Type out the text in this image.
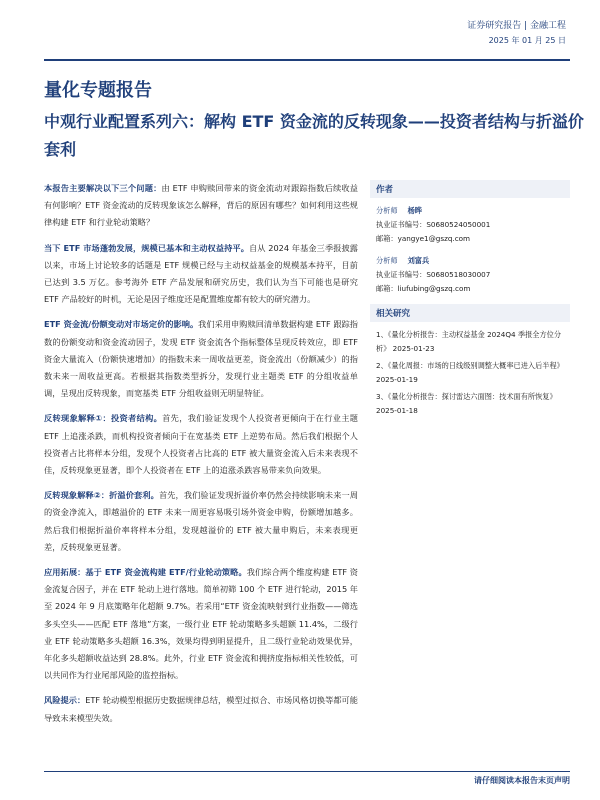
证券研究报告 | 金融工程
2025 年 01 月 25 日
量化专题报告
中观行业配置系列六：解构 ETF 资金流的反转现象——投资者结构与折溢价套利

本报告主要解决以下三个问题：由 ETF 申购赎回带来的资金流动对跟踪指数后续收益有何影响？ETF 资金流动的反转现象该怎么解释，背后的原因有哪些？如何利用这些规律构建 ETF 和行业轮动策略？

当下 ETF 市场蓬勃发展，规模已基本和主动权益持平。自从 2024 年基金三季报披露以来，市场上讨论较多的话题是 ETF 规模已经与主动权益基金的规模基本持平，目前已达到 3.5 万亿。参考海外 ETF 产品发展和研究历史，我们认为当下可能也是研究 ETF 产品较好的时机，无论是因子维度还是配置维度都有较大的研究潜力。

ETF 资金流/份额变动对市场定价的影响。我们采用申购赎回清单数据构建 ETF 跟踪指数的份额变动和资金流动因子，发现 ETF 资金流各个指标整体呈现反转效应，即 ETF 资金大量流入（份额快速增加）的指数未来一周收益更差，资金流出（份额减少）的指数未来一周收益更高。若根据其指数类型拆分，发现行业主题类 ETF 的分组收益单调，呈现出反转现象，而宽基类 ETF 分组收益则无明显特征。

反转现象解释①：投资者结构。首先，我们验证发现个人投资者更倾向于在行业主题 ETF 上追涨杀跌，而机构投资者倾向于在宽基类 ETF 上逆势布局。然后我们根据个人投资者占比将样本分组，发现个人投资者占比高的 ETF 被大量资金流入后未来表现不佳，反转现象更显著，即个人投资者在 ETF 上的追涨杀跌容易带来负向效果。

反转现象解释②：折溢价套利。首先，我们验证发现折溢价率仍然会持续影响未来一周的资金净流入，即越溢价的 ETF 未来一周更容易吸引场外资金申购，份额增加越多。然后我们根据折溢价率将样本分组，发现越溢价的 ETF 被大量申购后，未来表现更差，反转现象更显著。

应用拓展：基于 ETF 资金流构建 ETF/行业轮动策略。我们综合两个维度构建 ETF 资金流复合因子，并在 ETF 轮动上进行落地。简单初筛 100 个 ETF 进行轮动，2015 年至 2024 年 9 月底策略年化超额 9.7%。若采用“ETF 资金流映射到行业指数——筛选多头空头——匹配 ETF 落地”方案，一级行业 ETF 轮动策略多头超额 11.4%，二级行业 ETF 轮动策略多头超额 16.3%，效果均得到明显提升，且二级行业轮动效果优异，年化多头超额收益达到 28.8%。此外，行业 ETF 资金流和拥挤度指标相关性较低，可以共同作为行业尾部风险的监控指标。

风险提示：ETF 轮动模型根据历史数据规律总结，模型过拟合、市场风格切换等都可能导致未来模型失效。

作者
分析师 杨晔
执业证书编号：S0680524050001
邮箱：yangye1@gszq.com
分析师 刘富兵
执业证书编号：S0680518030007
邮箱：liufubing@gszq.com
相关研究
1、《量化分析报告：主动权益基金 2024Q4 季报全方位分析》 2025-01-23
2、《量化周报：市场的日线级别调整大概率已进入后半程》 2025-01-19
3、《量化分析报告：探讨雷达六面图：技术面有所恢复》 2025-01-18
请仔细阅读本报告末页声明
